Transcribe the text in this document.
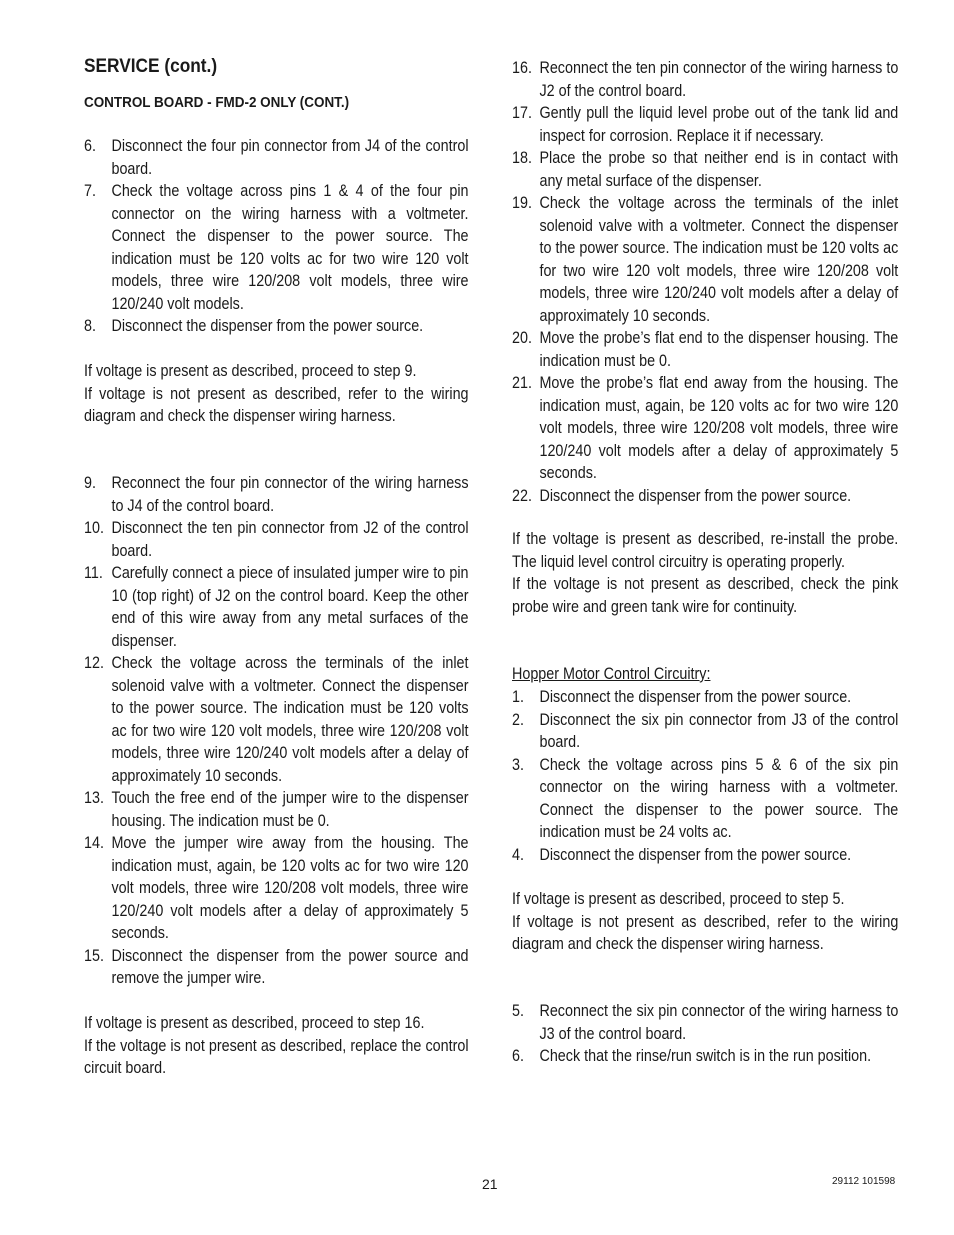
SERVICE (cont.)
CONTROL BOARD - FMD-2 ONLY (CONT.)
6. Disconnect the four pin connector from J4 of the control board.
7. Check the voltage across pins 1 & 4 of the four pin connector on the wiring harness with a voltmeter. Connect the dispenser to the power source. The indication must be 120 volts ac for two wire 120 volt models, three wire 120/208 volt models, three wire 120/240 volt models.
8. Disconnect the dispenser from the power source.

If voltage is present as described, proceed to step 9.

If voltage is not present as described, refer to the wiring diagram and check the dispenser wiring harness.

9. Reconnect the four pin connector of the wiring harness to J4 of the control board.
10. Disconnect the ten pin connector from J2 of the control board.
11. Carefully connect a piece of insulated jumper wire to pin 10 (top right) of J2 on the control board. Keep the other end of this wire away from any metal surfaces of the dispenser.
12. Check the voltage across the terminals of the inlet solenoid valve with a voltmeter. Connect the dispenser to the power source. The indication must be 120 volts ac for two wire 120 volt models, three wire 120/208 volt models, three wire 120/240 volt models after a delay of approximately 10 seconds.
13. Touch the free end of the jumper wire to the dispenser housing. The indication must be 0.
14. Move the jumper wire away from the housing. The indication must, again, be 120 volts ac for two wire 120 volt models, three wire 120/208 volt models, three wire 120/240 volt models after a delay of approximately 5 seconds.
15. Disconnect the dispenser from the power source and remove the jumper wire.

If voltage is present as described, proceed to step 16.

If the voltage is not present as described, replace the control circuit board.

16. Reconnect the ten pin connector of the wiring harness to J2 of the control board.
17. Gently pull the liquid level probe out of the tank lid and inspect for corrosion. Replace it if necessary.
18. Place the probe so that neither end is in contact with any metal surface of the dispenser.
19. Check the voltage across the terminals of the inlet solenoid valve with a voltmeter. Connect the dispenser to the power source. The indication must be 120 volts ac for two wire 120 volt models, three wire 120/208 volt models, three wire 120/240 volt models after a delay of approximately 10 seconds.
20. Move the probe’s flat end to the dispenser housing. The indication must be 0.
21. Move the probe’s flat end away from the housing. The indication must, again, be 120 volts ac for two wire 120 volt models, three wire 120/208 volt models, three wire 120/240 volt models after a delay of approximately 5 seconds.
22. Disconnect the dispenser from the power source.

If the voltage is present as described, re-install the probe. The liquid level control circuitry is operating properly.

If the voltage is not present as described, check the pink probe wire and green tank wire for continuity.

Hopper Motor Control Circuitry:
1. Disconnect the dispenser from the power source.
2. Disconnect the six pin connector from J3 of the control board.
3. Check the voltage across pins 5 & 6 of the six pin connector on the wiring harness with a voltmeter. Connect the dispenser to the power source. The indication must be 24 volts ac.
4. Disconnect the dispenser from the power source.

If voltage is present as described, proceed to step 5.

If voltage is not present as described, refer to the wiring diagram and check the dispenser wiring harness.

5. Reconnect the six pin connector of the wiring harness to J3 of the control board.
6. Check that the rinse/run switch is in the run position.
21	29112 101598
